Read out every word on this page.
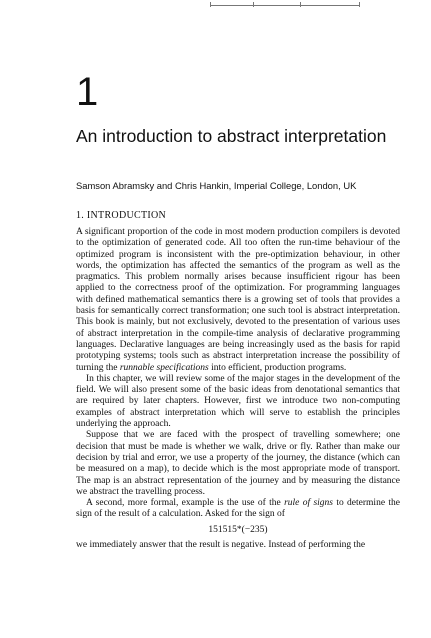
1
An introduction to abstract interpretation
Samson Abramsky and Chris Hankin, Imperial College, London, UK
1. INTRODUCTION

A significant proportion of the code in most modern production compilers is devoted to the optimization of generated code. All too often the run-time behaviour of the optimized program is inconsistent with the pre-optimization behaviour, in other words, the optimization has affected the semantics of the program as well as the pragmatics. This problem normally arises because insufficient rigour has been applied to the correctness proof of the optimization. For programming languages with defined mathematical semantics there is a growing set of tools that provides a basis for semantically correct transformation; one such tool is abstract interpretation. This book is mainly, but not exclusively, devoted to the presentation of various uses of abstract interpretation in the compile-time analysis of declarative programming languages. Declarative languages are being increasingly used as the basis for rapid prototyping systems; tools such as abstract interpretation increase the possibility of turning the runnable specifications into efficient, production programs.

In this chapter, we will review some of the major stages in the development of the field. We will also present some of the basic ideas from denotational semantics that are required by later chapters. However, first we introduce two non-computing examples of abstract interpretation which will serve to establish the principles underlying the approach.

Suppose that we are faced with the prospect of travelling somewhere; one decision that must be made is whether we walk, drive or fly. Rather than make our decision by trial and error, we use a property of the journey, the distance (which can be measured on a map), to decide which is the most appropriate mode of transport. The map is an abstract representation of the journey and by measuring the distance we abstract the travelling process.

A second, more formal, example is the use of the rule of signs to determine the sign of the result of a calculation. Asked for the sign of

151515*(−235)

we immediately answer that the result is negative. Instead of performing the
